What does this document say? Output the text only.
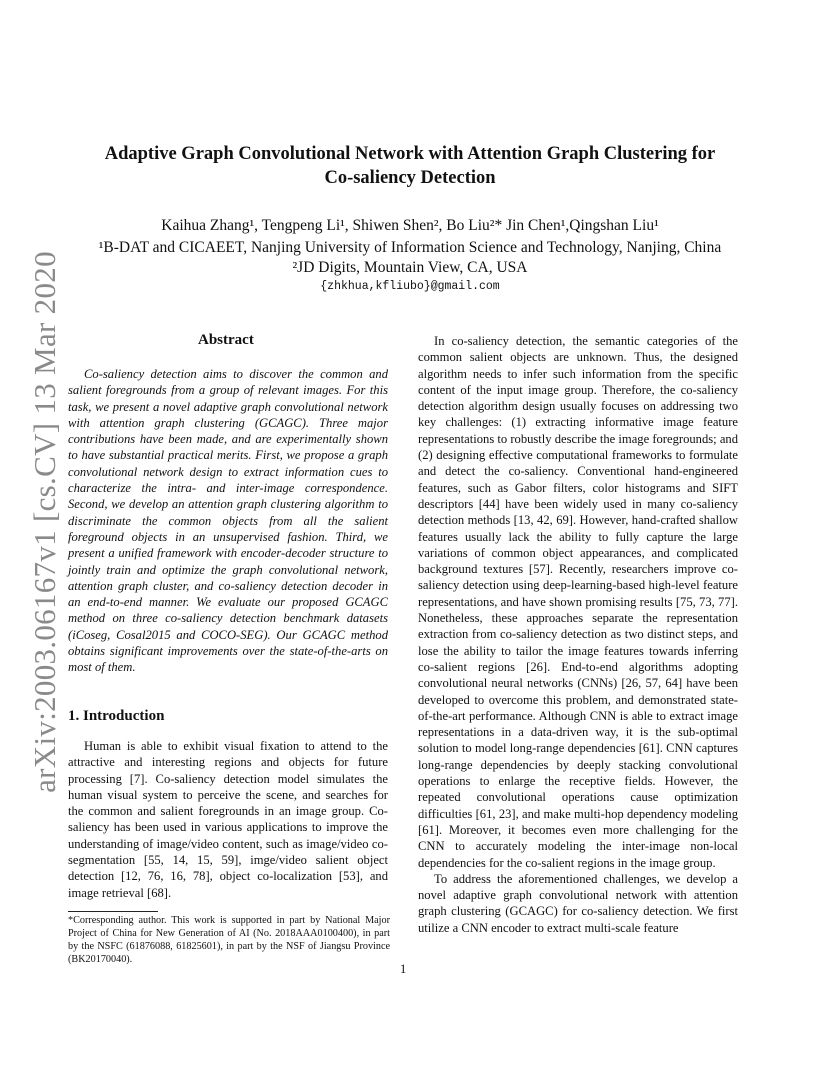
arXiv:2003.06167v1 [cs.CV] 13 Mar 2020
Adaptive Graph Convolutional Network with Attention Graph Clustering for
Co-saliency Detection
Kaihua Zhang¹, Tengpeng Li¹, Shiwen Shen², Bo Liu²* Jin Chen¹,Qingshan Liu¹
¹B-DAT and CICAEET, Nanjing University of Information Science and Technology, Nanjing, China
²JD Digits, Mountain View, CA, USA
{zhkhua,kfliubo}@gmail.com
Abstract

Co-saliency detection aims to discover the common and salient foregrounds from a group of relevant images. For this task, we present a novel adaptive graph convolutional network with attention graph clustering (GCAGC). Three major contributions have been made, and are experimentally shown to have substantial practical merits. First, we propose a graph convolutional network design to extract information cues to characterize the intra- and inter-image correspondence. Second, we develop an attention graph clustering algorithm to discriminate the common objects from all the salient foreground objects in an unsupervised fashion. Third, we present a unified framework with encoder-decoder structure to jointly train and optimize the graph convolutional network, attention graph cluster, and co-saliency detection decoder in an end-to-end manner. We evaluate our proposed GCAGC method on three co-saliency detection benchmark datasets (iCoseg, Cosal2015 and COCO-SEG). Our GCAGC method obtains significant improvements over the state-of-the-arts on most of them.

1. Introduction

Human is able to exhibit visual fixation to attend to the attractive and interesting regions and objects for future processing [7]. Co-saliency detection model simulates the human visual system to perceive the scene, and searches for the common and salient foregrounds in an image group. Co-saliency has been used in various applications to improve the understanding of image/video content, such as image/video co-segmentation [55, 14, 15, 59], imge/video salient object detection [12, 76, 16, 78], object co-localization [53], and image retrieval [68].

*Corresponding author. This work is supported in part by National Major Project of China for New Generation of AI (No. 2018AAA0100400), in part by the NSFC (61876088, 61825601), in part by the NSF of Jiangsu Province (BK20170040).

In co-saliency detection, the semantic categories of the common salient objects are unknown. Thus, the designed algorithm needs to infer such information from the specific content of the input image group. Therefore, the co-saliency detection algorithm design usually focuses on addressing two key challenges: (1) extracting informative image feature representations to robustly describe the image foregrounds; and (2) designing effective computational frameworks to formulate and detect the co-saliency. Conventional hand-engineered features, such as Gabor filters, color histograms and SIFT descriptors [44] have been widely used in many co-saliency detection methods [13, 42, 69]. However, hand-crafted shallow features usually lack the ability to fully capture the large variations of common object appearances, and complicated background textures [57]. Recently, researchers improve co-saliency detection using deep-learning-based high-level feature representations, and have shown promising results [75, 73, 77]. Nonetheless, these approaches separate the representation extraction from co-saliency detection as two distinct steps, and lose the ability to tailor the image features towards inferring co-salient regions [26]. End-to-end algorithms adopting convolutional neural networks (CNNs) [26, 57, 64] have been developed to overcome this problem, and demonstrated state-of-the-art performance. Although CNN is able to extract image representations in a data-driven way, it is the sub-optimal solution to model long-range dependencies [61]. CNN captures long-range dependencies by deeply stacking convolutional operations to enlarge the receptive fields. However, the repeated convolutional operations cause optimization difficulties [61, 23], and make multi-hop dependency modeling [61]. Moreover, it becomes even more challenging for the CNN to accurately modeling the inter-image non-local dependencies for the co-salient regions in the image group.

To address the aforementioned challenges, we develop a novel adaptive graph convolutional network with attention graph clustering (GCAGC) for co-saliency detection. We first utilize a CNN encoder to extract multi-scale feature

1
